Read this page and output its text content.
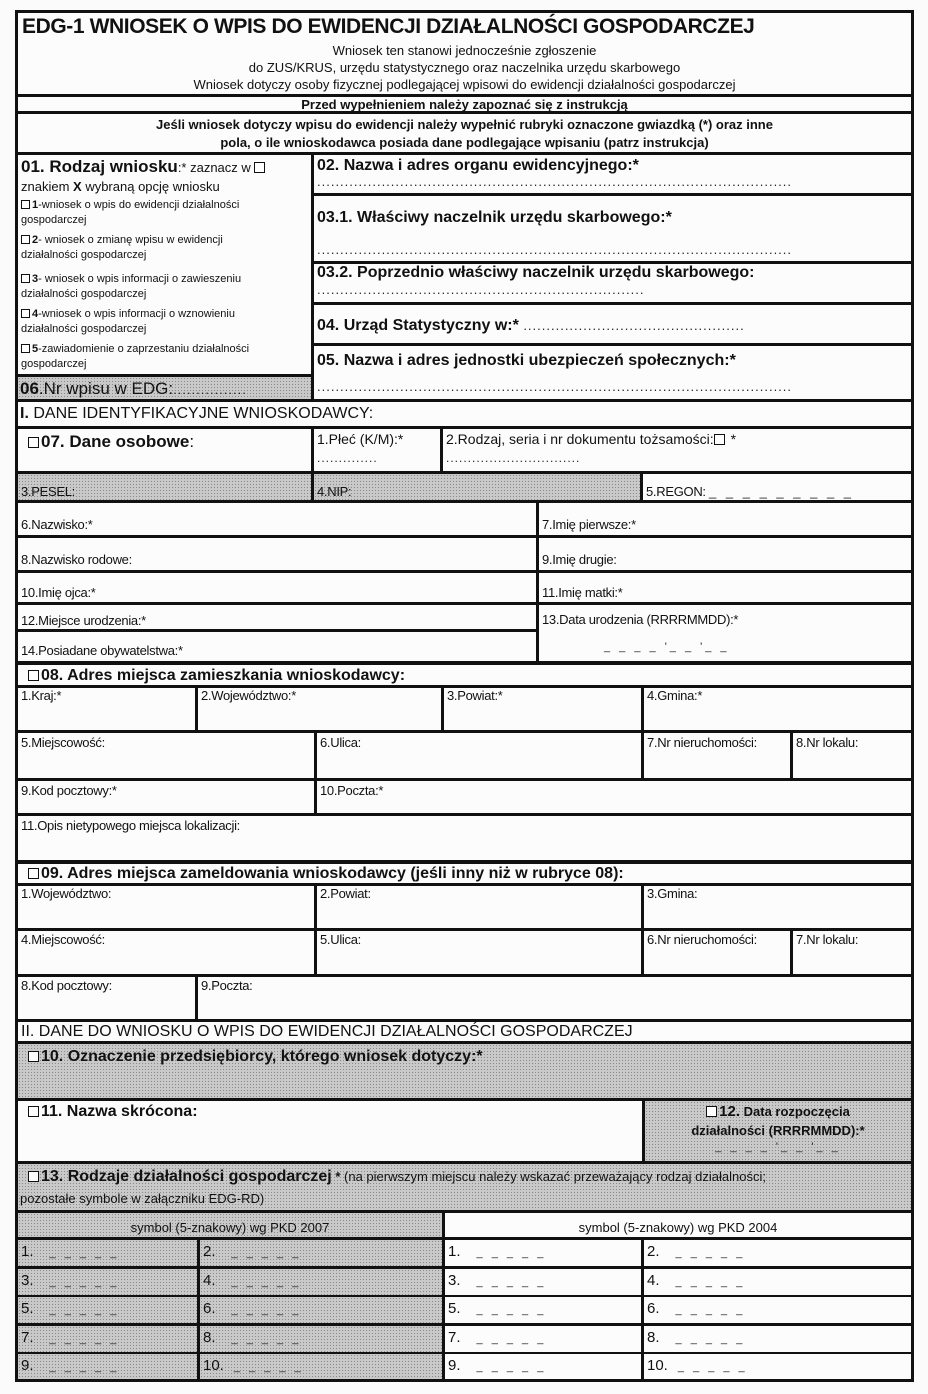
EDG-1 WNIOSEK O WPIS DO EWIDENCJI DZIAŁALNOŚCI GOSPODARCZEJ
Wniosek ten stanowi jednocześnie zgłoszenie
do ZUS/KRUS, urzędu statystycznego oraz naczelnika urzędu skarbowego
Wniosek dotyczy osoby fizycznej podlegającej wpisowi do ewidencji działalności gospodarczej
Przed wypełnieniem należy zapoznać się z instrukcją
Jeśli wniosek dotyczy wpisu do ewidencji należy wypełnić rubryki oznaczone gwiazdką (*) oraz inne
pola, o ile wnioskodawca posiada dane podlegające wpisaniu (patrz instrukcja)
01. Rodzaj wniosku:* zaznacz w
znakiem X wybraną opcję wniosku
1-wniosek o wpis do ewidencji działalności
gospodarczej
2- wniosek o zmianę wpisu w ewidencji
działalności gospodarczej
3- wniosek o wpis informacji o zawieszeniu
działalności gospodarczej
4-wniosek o wpis informacji o wznowieniu
działalności gospodarczej
5-zawiadomienie o zaprzestaniu działalności
gospodarczej
06.Nr wpisu w EDG:................
02. Nazwa i adres organu ewidencyjnego:*
.......................................................................................................
03.1. Właściwy naczelnik urzędu skarbowego:*
.......................................................................................................
03.2. Poprzednio właściwy naczelnik urzędu skarbowego:
.......................................................................
04. Urząd Statystyczny w:* ................................................
05. Nazwa i adres jednostki ubezpieczeń społecznych:*
.......................................................................................................
I. DANE IDENTYFIKACYJNE WNIOSKODAWCY:
07. Dane osobowe:	1.Płeć (K/M):*
..............
2.Rodzaj, seria i nr dokumentu tożsamości: *
...............................
3.PESEL:	4.NIP:	5.REGON: _ _ _ _ _ _ _ _ _
6.Nazwisko:*	7.Imię pierwsze:*
8.Nazwisko rodowe:	9.Imię drugie:
10.Imię ojca:*	11.Imię matki:*
12.Miejsce urodzenia:*	13.Data urodzenia (RRRRMMDD):*
_ _ _ _ '_ _ '_ _
14.Posiadane obywatelstwa:*
08. Adres miejsca zamieszkania wnioskodawcy:
1.Kraj:*	2.Województwo:*	3.Powiat:*	4.Gmina:*
5.Miejscowość:	6.Ulica:	7.Nr nieruchomości:	8.Nr lokalu:
9.Kod pocztowy:*	10.Poczta:*
11.Opis nietypowego miejsca lokalizacji:
09. Adres miejsca zameldowania wnioskodawcy (jeśli inny niż w rubryce 08):
1.Województwo:	2.Powiat:	3.Gmina:
4.Miejscowość:	5.Ulica:	6.Nr nieruchomości:	7.Nr lokalu:
8.Kod pocztowy:	9.Poczta:
II. DANE DO WNIOSKU O WPIS DO EWIDENCJI DZIAŁALNOŚCI GOSPODARCZEJ
10. Oznaczenie przedsiębiorcy, którego wniosek dotyczy:*
11. Nazwa skrócona:	12. Data rozpoczęcia
działalności (RRRRMMDD):*
_ _ _ _ '_ _ '_ _
13. Rodzaje działalności gospodarczej * (na pierwszym miejscu należy wskazać przeważający rodzaj działalności;
pozostałe symbole w załączniku EDG-RD)
symbol (5-znakowy) wg PKD 2007	symbol (5-znakowy) wg PKD 2004
1. _ _ _ _ _	2. _ _ _ _ _	1. _ _ _ _ _	2. _ _ _ _ _
3. _ _ _ _ _	4. _ _ _ _ _	3. _ _ _ _ _	4. _ _ _ _ _
5. _ _ _ _ _	6. _ _ _ _ _	5. _ _ _ _ _	6. _ _ _ _ _
7. _ _ _ _ _	8. _ _ _ _ _	7. _ _ _ _ _	8. _ _ _ _ _
9. _ _ _ _ _	10. _ _ _ _ _	9. _ _ _ _ _	10. _ _ _ _ _
